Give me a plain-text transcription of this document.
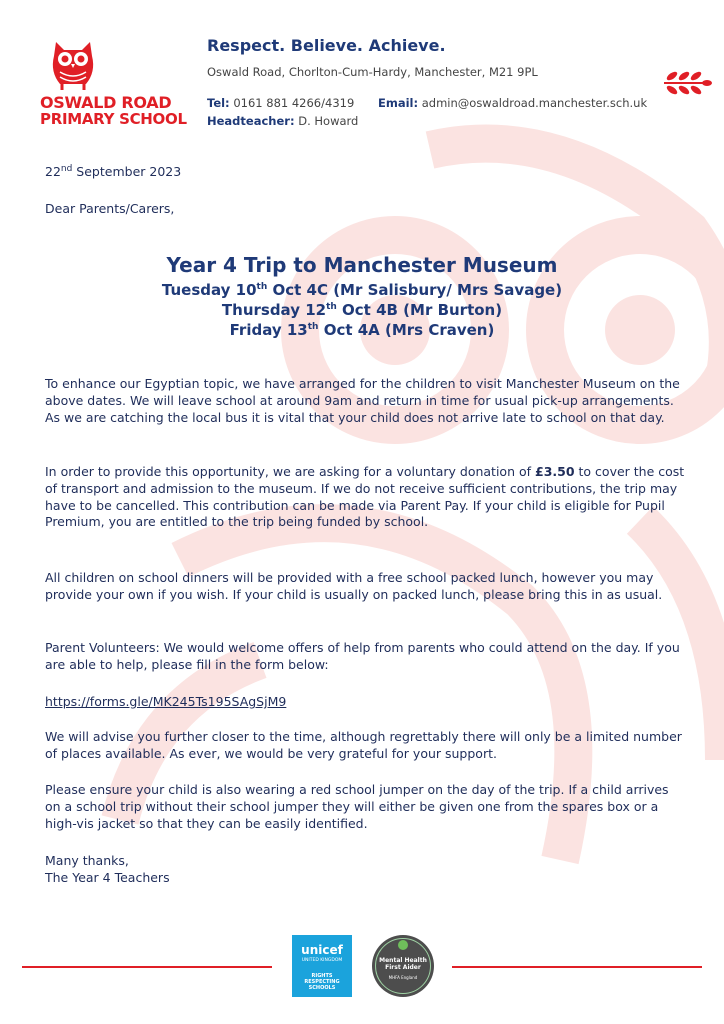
OSWALD ROAD
PRIMARY SCHOOL
Respect. Believe. Achieve.
Oswald Road, Chorlton-Cum-Hardy, Manchester, M21 9PL
Tel: 0161 881 4266/4319 Email: admin@oswaldroad.manchester.sch.uk
Headteacher: D. Howard
22nd September 2023
Dear Parents/Carers,
Year 4 Trip to Manchester Museum
Tuesday 10th Oct 4C (Mr Salisbury/ Mrs Savage)
Thursday 12th Oct 4B (Mr Burton)
Friday 13th Oct 4A (Mrs Craven)
To enhance our Egyptian topic, we have arranged for the children to visit Manchester Museum on the above dates. We will leave school at around 9am and return in time for usual pick-up arrangements. As we are catching the local bus it is vital that your child does not arrive late to school on that day.
In order to provide this opportunity, we are asking for a voluntary donation of £3.50 to cover the cost of transport and admission to the museum. If we do not receive sufficient contributions, the trip may have to be cancelled. This contribution can be made via Parent Pay. If your child is eligible for Pupil Premium, you are entitled to the trip being funded by school.
All children on school dinners will be provided with a free school packed lunch, however you may provide your own if you wish. If your child is usually on packed lunch, please bring this in as usual.
Parent Volunteers: We would welcome offers of help from parents who could attend on the day. If you are able to help, please fill in the form below:
https://forms.gle/MK245Ts195SAgSjM9
We will advise you further closer to the time, although regrettably there will only be a limited number of places available. As ever, we would be very grateful for your support.
Please ensure your child is also wearing a red school jumper on the day of the trip. If a child arrives on a school trip without their school jumper they will either be given one from the spares box or a high-vis jacket so that they can be easily identified.
Many thanks,
The Year 4 Teachers
unicef
UNITED KINGDOM
RIGHTS
RESPECTING
SCHOOLS
Mental Health
First Aider
MHFA England
